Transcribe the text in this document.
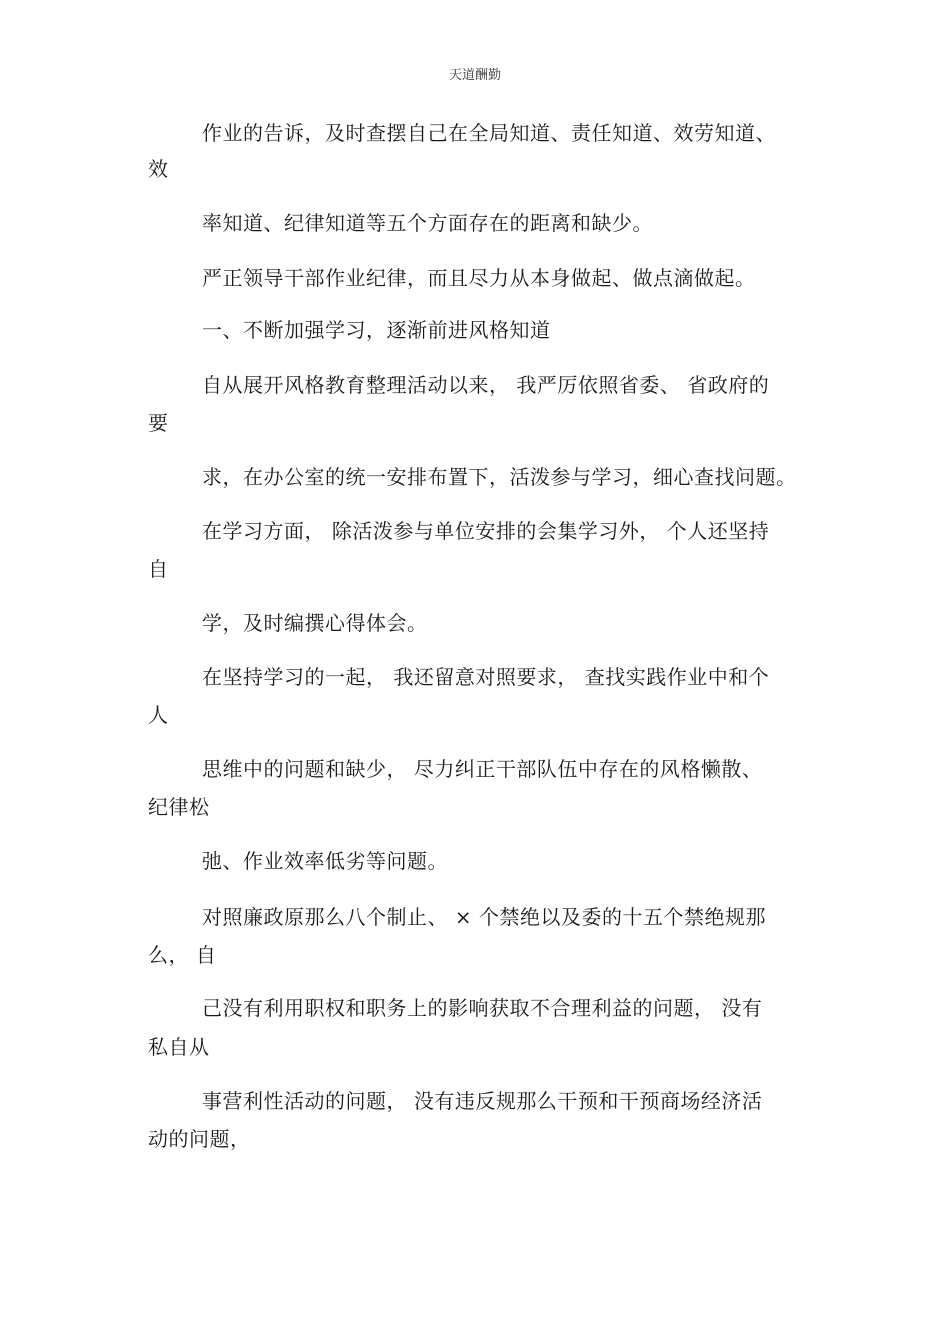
天道酬勤
作业的告诉，及时查摆自己在全局知道、责任知道、效劳知道、
效
率知道、纪律知道等五个方面存在的距离和缺少。
严正领导干部作业纪律，而且尽力从本身做起、做点滴做起。
一、不断加强学习，逐渐前进风格知道
自从展开风格教育整理活动以来， 我严厉依照省委、 省政府的
要
求，在办公室的统一安排布置下，活泼参与学习，细心查找问题。
在学习方面， 除活泼参与单位安排的会集学习外， 个人还坚持
自
学，及时编撰心得体会。
在坚持学习的一起， 我还留意对照要求， 查找实践作业中和个
人
思维中的问题和缺少， 尽力纠正干部队伍中存在的风格懒散、
纪律松
弛、作业效率低劣等问题。
对照廉政原那么八个制止、 × 个禁绝以及委的十五个禁绝规那
么， 自
己没有利用职权和职务上的影响获取不合理利益的问题， 没有
私自从
事营利性活动的问题， 没有违反规那么干预和干预商场经济活
动的问题，
